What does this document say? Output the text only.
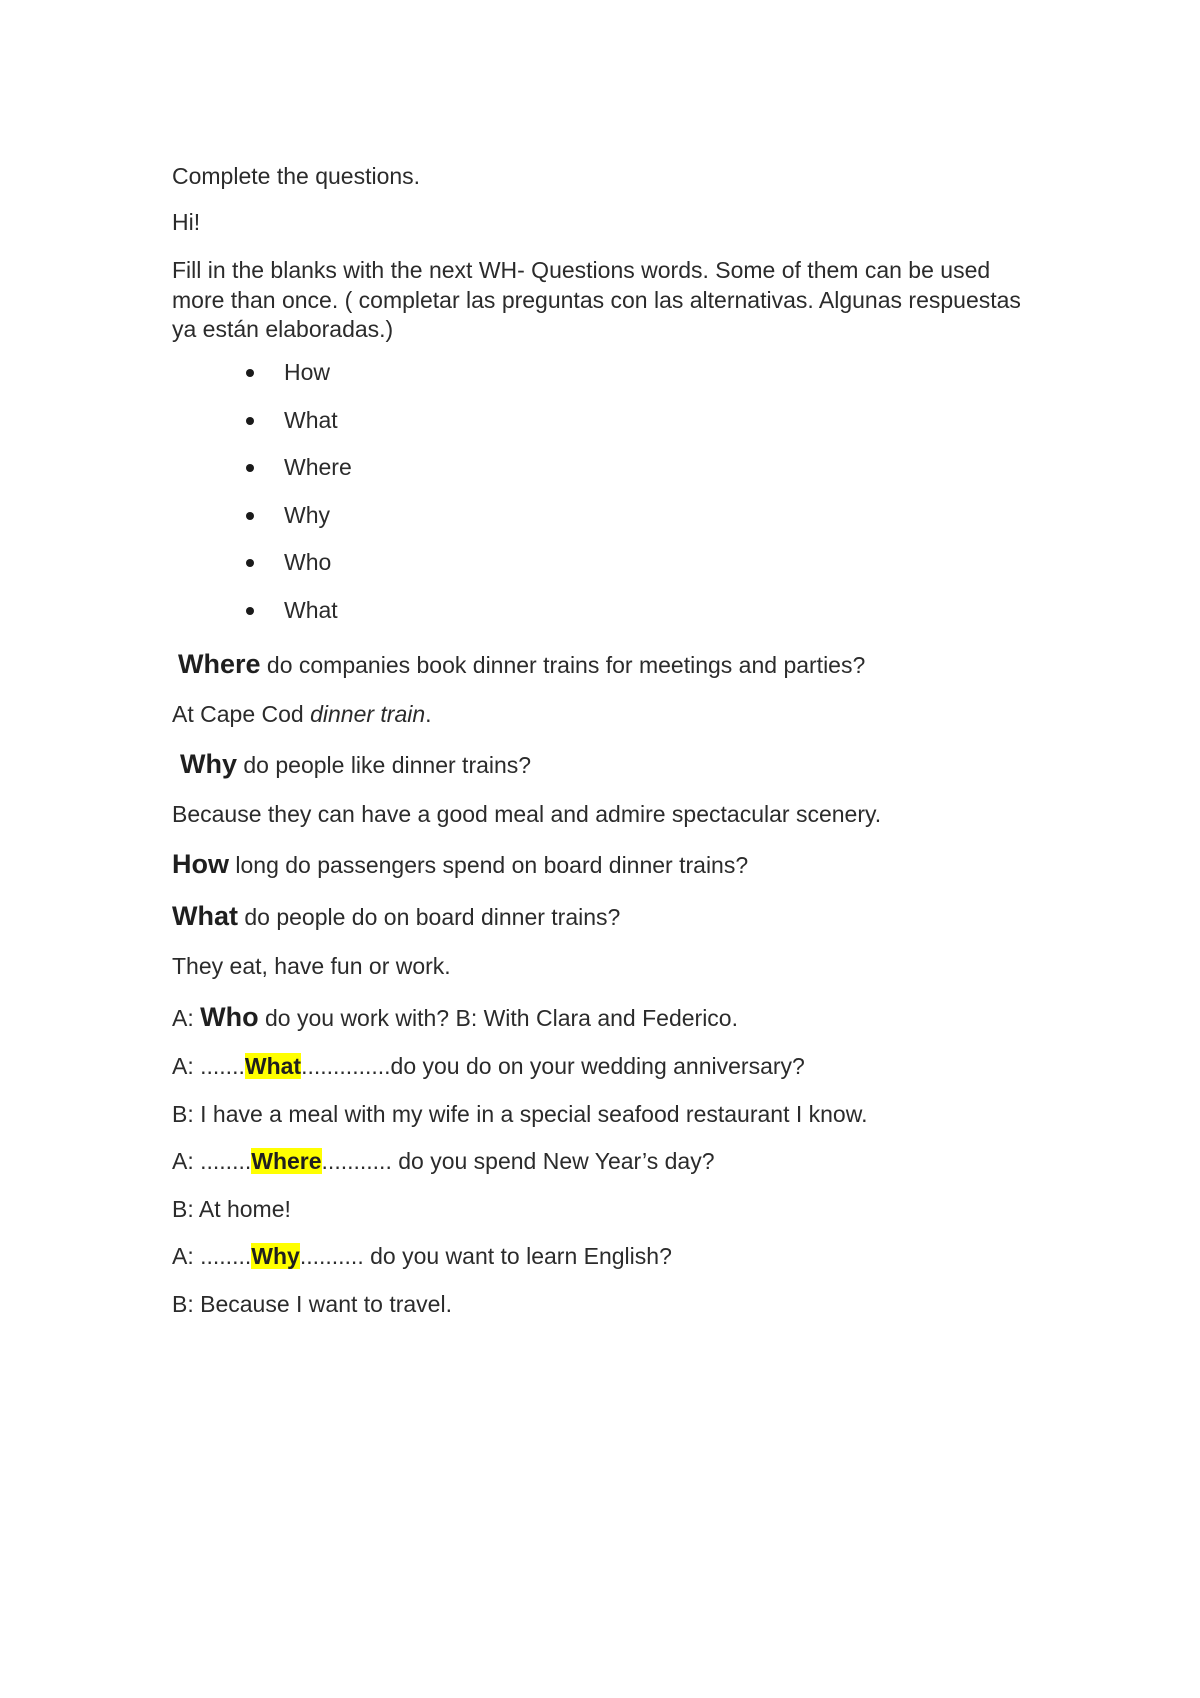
Complete the questions.
Hi!
Fill in the blanks with the next WH- Questions words. Some of them can be used more than once. ( completar las preguntas con las alternativas. Algunas respuestas ya están elaboradas.)
How
What
Where
Why
Who
What
Where do companies book dinner trains for meetings and parties?
At Cape Cod dinner train.
Why do people like dinner trains?
Because they can have a good meal and admire spectacular scenery.
How long do passengers spend on board dinner trains?
What do people do on board dinner trains?
They eat, have fun or work.
A: Who do you work with? B: With Clara and Federico.
A: .......What..............do you do on your wedding anniversary?
B: I have a meal with my wife in a special seafood restaurant I know.
A: ........Where........... do you spend New Year’s day?
B: At home!
A: ........Why.......... do you want to learn English?
B: Because I want to travel.
